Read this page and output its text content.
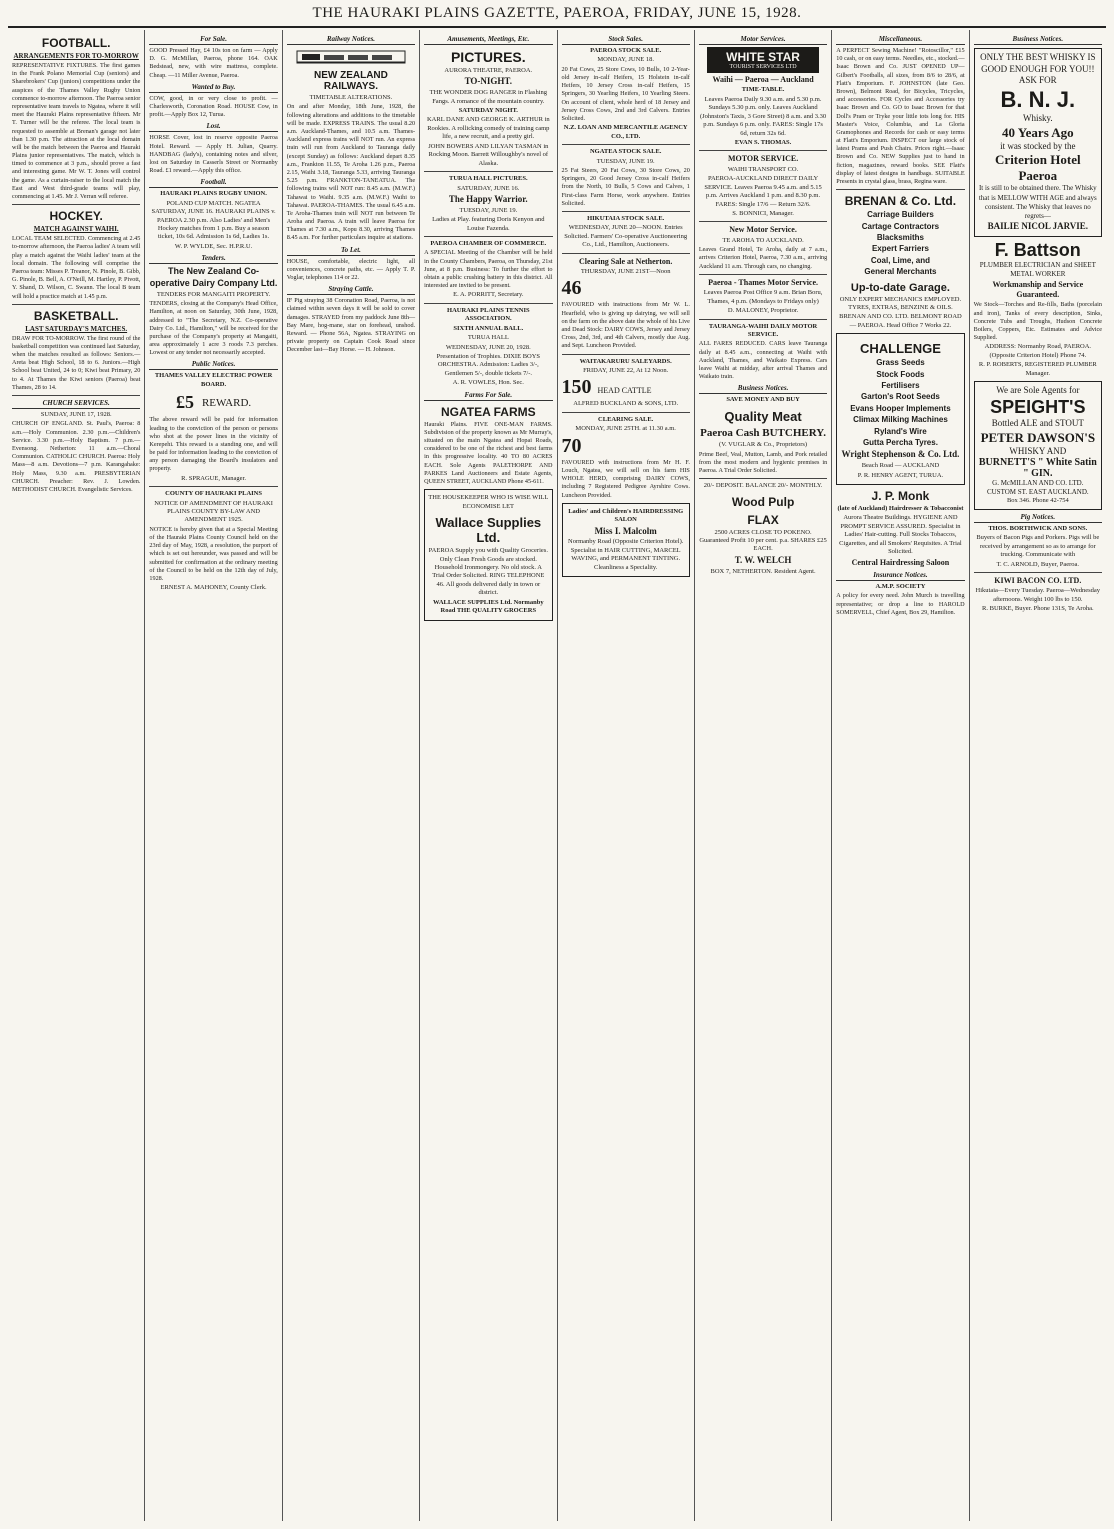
THE HAURAKI PLAINS GAZETTE, PAEROA, FRIDAY, JUNE 15, 1928.
FOOTBALL.
ARRANGEMENTS FOR TO-MORROW
REPRESENTATIVE FIXTURES. The first games in the Frank Polano Memorial Cup (seniors) and Sharebrokers' Cup (juniors) competitions under the auspices of the Thames Valley Rugby Union commence to-morrow afternoon. The Paeroa senior representative team travels to Ngatea, where it will meet the Hauraki Plains representative fifteen. Mr T. Turner will be the referee. The local team is requested to assemble at Brenan's garage not later than 1.30 p.m. The attraction at the local domain will be the match between the Paeroa and Hauraki Plains junior representatives. The match, which is timed to commence at 3 p.m., should prove a fast and interesting game. Mr W. T. Jones will control the game. As a curtain-raiser to the local match the East and West third-grade teams will play, commencing at 1.45. Mr J. Verran will referee.
HOCKEY.
MATCH AGAINST WAIHI.
LOCAL TEAM SELECTED. Commencing at 2.45 to-morrow afternoon, the Paeroa ladies' A team will play a match against the Waihi ladies' team at the local domain. The following will comprise the Paeroa team: Misses P. Treanor, N. Pinole, B. Gibb, G. Pinole, B. Bell, A. O'Neill, M. Hartley, P. Pivott, Y. Shand, D. Wilson, C. Swann. The local B team will hold a practice match at 1.45 p.m.
BASKETBALL.
LAST SATURDAY'S MATCHES.
DRAW FOR TO-MORROW. The first round of the basketball competition was continued last Saturday, when the matches resulted as follows: Seniors.—Areta beat High School, 18 to 6. Juniors.—High School beat United, 24 to 0; Kiwi beat Primary, 20 to 4. At Thames the Kiwi seniors (Paeroa) beat Thames, 28 to 14.
CHURCH SERVICES.
SUNDAY, JUNE 17, 1928.
CHURCH OF ENGLAND. St. Paul's, Paeroa: 8 a.m.—Holy Communion. 2.30 p.m.—Children's Service. 3.30 p.m.—Holy Baptism. 7 p.m.—Evensong. Netherton: 11 a.m.—Choral Communion. CATHOLIC CHURCH. Paeroa: Holy Mass—8 a.m. Devotions—7 p.m. Karangahake: Holy Mass, 9.30 a.m. PRESBYTERIAN CHURCH. Preacher: Rev. J. Lowden. METHODIST CHURCH. Evangelistic Services.
For Sale.
GOOD Pressed Hay, £4 10s ton on farm — Apply D. G. McMillan, Paeroa, phone 164. OAK Bedstead, new, with wire mattress, complete. Cheap. —11 Miller Avenue, Paeroa.
Wanted to Buy.
COW, good, in or very close to profit. — Charlesworth, Coronation Road. HOUSE Cow, in profit.—Apply Box 12, Turua.
Lost.
HORSE Cover, lost in reserve opposite Paeroa Hotel. Reward. — Apply H. Julian, Quarry. HANDBAG (lady's), containing notes and silver, lost on Saturday in Casserls Street or Normanby Road. £1 reward.—Apply this office.
Football.
HAURAKI PLAINS RUGBY UNION.
POLAND CUP MATCH. NGATEA SATURDAY, JUNE 16. HAURAKI PLAINS v. PAEROA 2.30 p.m. Also Ladies' and Men's Hockey matches from 1 p.m. Buy a season ticket, 10s 6d. Admission 1s 6d, Ladies 1s.
W. P. WYLDE, Sec. H.P.R.U.
Tenders.
The New Zealand Co-operative Dairy Company Ltd.
TENDERS FOR MANGAITI PROPERTY.
TENDERS, closing at the Company's Head Office, Hamilton, at noon on Saturday, 30th June, 1928, addressed to "The Secretary, N.Z. Co-operative Dairy Co. Ltd., Hamilton," will be received for the purchase of the Company's property at Mangaiti, area approximately 1 acre 3 roods 7.3 perches. Lowest or any tender not necessarily accepted.
Public Notices.
THAMES VALLEY ELECTRIC POWER BOARD.
£5 REWARD.
The above reward will be paid for information leading to the conviction of the person or persons who shot at the power lines in the vicinity of Kerepehi. This reward is a standing one, and will be paid for information leading to the conviction of any person damaging the Board's insulators and property.
R. SPRAGUE, Manager.
COUNTY OF HAURAKI PLAINS
NOTICE OF AMENDMENT OF HAURAKI PLAINS COUNTY BY-LAW AND AMENDMENT 1925.
NOTICE is hereby given that at a Special Meeting of the Hauraki Plains County Council held on the 23rd day of May, 1928, a resolution, the purport of which is set out hereunder, was passed and will be submitted for confirmation at the ordinary meeting of the Council to be held on the 12th day of July, 1928.
ERNEST A. MAHONEY, County Clerk.
Railway Notices.
NEW ZEALAND RAILWAYS.
TIMETABLE ALTERATIONS.
On and after Monday, 18th June, 1928, the following alterations and additions to the timetable will be made. EXPRESS TRAINS. The usual 8.20 a.m. Auckland-Thames, and 10.5 a.m. Thames-Auckland express trains will NOT run. An express train will run from Auckland to Tauranga daily (except Sunday) as follows: Auckland depart 8.35 a.m., Frankton 11.55, Te Aroha 1.26 p.m., Paeroa 2.15, Waihi 3.18, Tauranga 5.33, arriving Tauranga 5.25 p.m. FRANKTON-TANEATUA. The following trains will NOT run: 8.45 a.m. (M.W.F.) Tahawai to Waihi. 9.35 a.m. (M.W.F.) Waihi to Tahawai. PAEROA-THAMES. The usual 6.45 a.m. Te Aroha-Thames train will NOT run between Te Aroha and Paeroa. A train will leave Paeroa for Thames at 7.30 a.m., Kopu 8.30, arriving Thames 8.45 a.m. For further particulars inquire at stations.
To Let.
HOUSE, comfortable, electric light, all conveniences, concrete paths, etc. — Apply T. P. Voglar, telephones 114 or 22.
Straying Cattle.
IF Pig straying 38 Coronation Road, Paeroa, is not claimed within seven days it will be sold to cover damages. STRAYED from my paddock June 8th—Bay Mare, hog-mane, star on forehead, unshod. Reward. — Phone 56A, Ngatea. STRAYING on private property on Captain Cook Road since December last—Bay Horse. — H. Johnson.
Amusements, Meetings, Etc.
PICTURES.
AURORA THEATRE, PAEROA.
TO-NIGHT.
THE WONDER DOG RANGER in Flashing Fangs. A romance of the mountain country.
SATURDAY NIGHT.
KARL DANE AND GEORGE K. ARTHUR in Rookies. A rollicking comedy of training camp life, a new recruit, and a pretty girl.
JOHN BOWERS AND LILYAN TASMAN in Rocking Moon. Barrett Willoughby's novel of Alaska.
TURUA HALL PICTURES.
SATURDAY, JUNE 16.
The Happy Warrior.
TUESDAY, JUNE 19.
Ladies at Play. featuring Doris Kenyon and Louise Fazenda.
PAEROA CHAMBER OF COMMERCE.
A SPECIAL Meeting of the Chamber will be held in the County Chambers, Paeroa, on Thursday, 21st June, at 8 p.m. Business: To further the effort to obtain a public crushing battery in this district. All interested are invited to be present.
E. A. PORRITT, Secretary.
HAURAKI PLAINS TENNIS ASSOCIATION.
SIXTH ANNUAL BALL.
TURUA HALL
WEDNESDAY, JUNE 20, 1928.
Presentation of Trophies. DIXIE BOYS ORCHESTRA. Admission: Ladies 3/-, Gentlemen 5/-, double tickets 7/-.
A. R. VOWLES, Hon. Sec.
Farms For Sale.
NGATEA FARMS
Hauraki Plains. FIVE ONE-MAN FARMS. Subdivision of the property known as Mr Murray's, situated on the main Ngatea and Hopai Roads, considered to be one of the richest and best farms in this progressive locality. 40 TO 80 ACRES EACH. Sole Agents PALETHORPE AND PARKES Land Auctioneers and Estate Agents, QUEEN STREET, AUCKLAND Phone 45-611.
THE HOUSEKEEPER WHO IS WISE WILL ECONOMISE LET
Wallace Supplies Ltd.
PAEROA Supply you with Quality Groceries. Only Clean Fresh Goods are stocked. Household Ironmongery. No old stock. A Trial Order Solicited. RING TELEPHONE 46. All goods delivered daily in town or district.
WALLACE SUPPLIES Ltd. Normanby Road THE QUALITY GROCERS
Stock Sales.
PAEROA STOCK SALE.
MONDAY, JUNE 18.
20 Fat Cows, 25 Store Cows, 10 Bulls, 10 2-Year-old Jersey in-calf Heifers, 15 Holstein in-calf Heifers, 10 Jersey Cross in-calf Heifers, 15 Springers, 30 Yearling Heifers, 10 Yearling Steers. On account of client, whole herd of 18 Jersey and Jersey Cross Cows, 2nd and 3rd Calvers. Entries Solicited.
N.Z. LOAN AND MERCANTILE AGENCY CO., LTD.
NGATEA STOCK SALE.
TUESDAY, JUNE 19.
25 Fat Steers, 20 Fat Cows, 30 Store Cows, 20 Springers, 20 Good Jersey Cross in-calf Heifers from the North, 10 Bulls, 5 Cows and Calves, 1 First-class Farm Horse, work anywhere. Entries Solicited.
HIKUTAIA STOCK SALE.
WEDNESDAY, JUNE 20—NOON. Entries Solicited. Farmers' Co-operative Auctioneering Co., Ltd., Hamilton, Auctioneers.
Clearing Sale at Netherton.
THURSDAY, JUNE 21ST—Noon
46
FAVOURED with instructions from Mr W. L. Hearfield, who is giving up dairying, we will sell on the farm on the above date the whole of his Live and Dead Stock: DAIRY COWS, Jersey and Jersey Cross, 2nd, 3rd, and 4th Calvers, mostly due Aug. and Sept. Luncheon Provided.
WAITAKARURU SALEYARDS.
FRIDAY, JUNE 22, At 12 Noon.
150 HEAD CATTLE
ALFRED BUCKLAND & SONS, LTD.
CLEARING SALE.
MONDAY, JUNE 25TH. at 11.30 a.m.
70
FAVOURED with instructions from Mr H. F. Louch, Ngatea, we will sell on his farm HIS WHOLE HERD, comprising DAIRY COWS, including 7 Registered Pedigree Ayrshire Cows. Luncheon Provided.
Ladies' and Children's HAIRDRESSING SALON
Miss I. Malcolm
Normanby Road (Opposite Criterion Hotel). Specialist in HAIR CUTTING, MARCEL WAVING, and PERMANENT TINTING. Cleanliness a Speciality.
Motor Services.
WHITE STAR
TOURIST SERVICES LTD
Waihi — Paeroa — Auckland
TIME-TABLE.
Leaves Paeroa Daily 9.30 a.m. and 5.30 p.m. Sundays 5.30 p.m. only. Leaves Auckland (Johnston's Taxis, 3 Gore Street) 8 a.m. and 3.30 p.m. Sundays 6 p.m. only. FARES: Single 17s 6d, return 32s 6d.
EVAN S. THOMAS.
MOTOR SERVICE.
WAIHI TRANSPORT CO.
PAEROA-AUCKLAND DIRECT DAILY SERVICE. Leaves Paeroa 9.45 a.m. and 5.15 p.m. Arrives Auckland 1 p.m. and 8.30 p.m. FARES: Single 17/6 — Return 32/6.
S. BONNICI, Manager.
New Motor Service.
TE AROHA TO AUCKLAND.
Leaves Grand Hotel, Te Aroha, daily at 7 a.m., arrives Criterion Hotel, Paeroa, 7.30 a.m., arriving Auckland 11 a.m. Through cars, no changing.
Paeroa - Thames Motor Service.
Leaves Paeroa Post Office 9 a.m. Brian Boru, Thames, 4 p.m. (Mondays to Fridays only)
D. MALONEY, Proprietor.
TAURANGA-WAIHI DAILY MOTOR SERVICE.
ALL FARES REDUCED. CARS leave Tauranga daily at 8.45 a.m., connecting at Waihi with Auckland, Thames, and Waikato Express. Cars leave Waihi at midday, after arrival Thames and Waikato train.
Business Notices.
SAVE MONEY AND BUY
Quality Meat
Paeroa Cash BUTCHERY.
(V. VUGLAR & Co., Proprietors)
Prime Beef, Veal, Mutton, Lamb, and Pork retailed from the most modern and hygienic premises in Paeroa. A Trial Order Solicited.
20/- DEPOSIT. BALANCE 20/- MONTHLY.
Wood Pulp
FLAX
2500 ACRES CLOSE TO POKENO. Guaranteed Profit 10 per cent. p.a. SHARES £25 EACH.
T. W. WELCH
BOX 7, NETHERTON. Resident Agent.
Miscellaneous.
A PERFECT Sewing Machine! "Rotoscillor," £15 10 cash, or on easy terms. Needles, etc., stocked.—Isaac Brown and Co. JUST OPENED UP—Gilbert's Footballs, all sizes, from 8/6 to 28/6, at Flatt's Emporium. F. JOHNSTON (late Geo. Brown), Belmont Road, for Bicycles, Tricycles, and accessories. FOR Cycles and Accessories try Isaac Brown and Co. GO to Isaac Brown for that Doll's Pram or Tryke your little tots long for. HIS Master's Voice, Columbia, and La Gloria Gramophones and Records for cash or easy terms at Flatt's Emporium. INSPECT our large stock of latest Prams and Push Chairs. Prices right.—Isaac Brown and Co. NEW Supplies just to hand in fiction, magazines, reward books. SEE Flatt's display of latest designs in handbags. SUITABLE Presents in crystal glass, brass, Regina ware.
BRENAN & Co. Ltd.
Carriage Builders
Cartage Contractors
Blacksmiths
Expert Farriers
Coal, Lime, and
General Merchants
Up-to-date Garage.
ONLY EXPERT MECHANICS EMPLOYED. TYRES, EXTRAS, BENZINE & OILS.
BRENAN AND CO. LTD. BELMONT ROAD — PAEROA. Head Office 7 Works 22.
CHALLENGE
Grass Seeds
Stock Foods
Fertilisers
Garton's Root Seeds
Evans Hooper Implements
Climax Milking Machines
Ryland's Wire
Gutta Percha Tyres.
Wright Stephenson & Co. Ltd.
Beach Road — AUCKLAND
P. R. HENRY AGENT, TURUA.
J. P. Monk
(late of Auckland) Hairdresser & Tobacconist
Aurora Theatre Buildings. HYGIENE AND PROMPT SERVICE ASSURED. Specialist in Ladies' Hair-cutting. Full Stocks Tobaccos, Cigarettes, and all Smokers' Requisites. A Trial Solicited.
Central Hairdressing Saloon
Insurance Notices.
A.M.P. SOCIETY
A policy for every need. John Murch is travelling representative; or drop a line to HAROLD SOMERVELL, Chief Agent, Box 29, Hamilton.
Business Notices.
ONLY THE BEST WHISKY IS GOOD ENOUGH FOR YOU!! ASK FOR
B. N. J.
Whisky.
40 Years Ago
it was stocked by the
Criterion Hotel Paeroa
It is still to be obtained there. The Whisky that is MELLOW WITH AGE and always consistent. The Whisky that leaves no regrets—
BAILIE NICOL JARVIE.
F. Battson
PLUMBER ELECTRICIAN and SHEET METAL WORKER
Workmanship and Service Guaranteed.
We Stock—Torches and Re-fills, Baths (porcelain and iron), Tanks of every description, Sinks, Concrete Tubs and Troughs, Hudson Concrete Boilers, Coppers, Etc. Estimates and Advice Supplied.
ADDRESS: Normanby Road, PAEROA. (Opposite Criterion Hotel) Phone 74.
R. P. ROBERTS, REGISTERED PLUMBER Manager.
We are Sole Agents for
SPEIGHT'S
Bottled ALE and STOUT
PETER DAWSON'S
WHISKY AND
BURNETT'S " White Satin " GIN.
G. McMILLAN AND CO. LTD.
CUSTOM ST. EAST AUCKLAND.
Box 346. Phone 42-754
Pig Notices.
THOS. BORTHWICK AND SONS.
Buyers of Bacon Pigs and Porkers. Pigs will be received by arrangement so as to arrange for trucking. Communicate with
T. C. ARNOLD, Buyer, Paeroa.
KIWI BACON CO. LTD.
Hikutaia—Every Tuesday. Paeroa—Wednesday afternoons. Weight 100 lbs to 150.
R. BURKE, Buyer. Phone 131S, Te Aroha.
